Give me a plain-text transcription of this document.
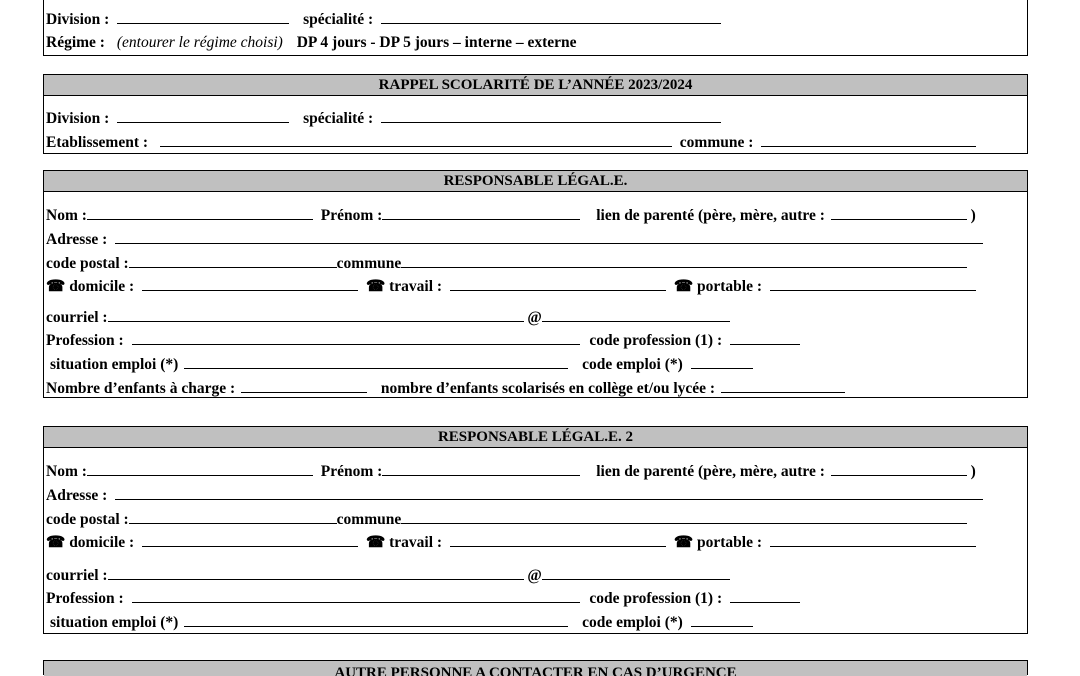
Division :	spécialité :
Régime : (entourer le régime choisi) DP 4 jours - DP 5 jours – interne – externe
RAPPEL SCOLARITÉ DE L’ANNÉE 2023/2024
Division :	spécialité :
Etablissement :	commune :
RESPONSABLE LÉGAL.E.
Nom :	Prénom :	lien de parenté (père, mère, autre :	)
Adresse :
code postal :	commune
☎ domicile :	☎ travail :	☎ portable :
courriel :	@
Profession :	code profession (1) :
situation emploi (*)	code emploi (*)
Nombre d’enfants à charge :	nombre d’enfants scolarisés en collège et/ou lycée :
RESPONSABLE LÉGAL.E. 2
Nom :	Prénom :	lien de parenté (père, mère, autre :	)
Adresse :
code postal :	commune
☎ domicile :	☎ travail :	☎ portable :
courriel :	@
Profession :	code profession (1) :
situation emploi (*)	code emploi (*)
AUTRE PERSONNE A CONTACTER EN CAS D’URGENCE
